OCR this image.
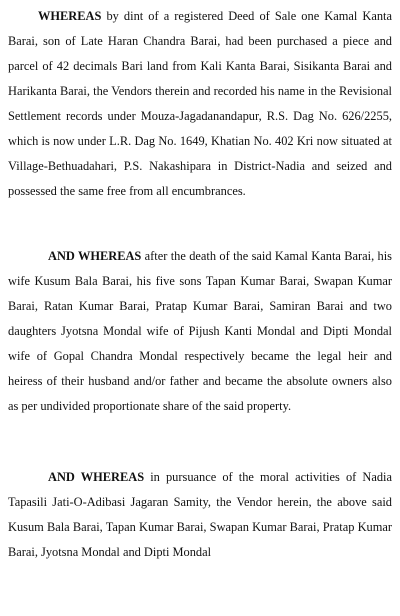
WHEREAS by dint of a registered Deed of Sale one Kamal Kanta Barai, son of Late Haran Chandra Barai, had been purchased a piece and parcel of 42 decimals Bari land from Kali Kanta Barai, Sisikanta Barai and Harikanta Barai, the Vendors therein and recorded his name in the Revisional Settlement records under Mouza-Jagadanandapur, R.S. Dag No. 626/2255, which is now under L.R. Dag No. 1649, Khatian No. 402 Kri now situated at Village-Bethuadahari, P.S. Nakashipara in District-Nadia and seized and possessed the same free from all encumbrances.

AND WHEREAS after the death of the said Kamal Kanta Barai, his wife Kusum Bala Barai, his five sons Tapan Kumar Barai, Swapan Kumar Barai, Ratan Kumar Barai, Pratap Kumar Barai, Samiran Barai and two daughters Jyotsna Mondal wife of Pijush Kanti Mondal and Dipti Mondal wife of Gopal Chandra Mondal respectively became the legal heir and heiress of their husband and/or father and became the absolute owners also as per undivided proportionate share of the said property.

AND WHEREAS in pursuance of the moral activities of Nadia Tapasili Jati-O-Adibasi Jagaran Samity, the Vendor herein, the above said Kusum Bala Barai, Tapan Kumar Barai, Swapan Kumar Barai, Pratap Kumar Barai, Jyotsna Mondal and Dipti Mondal
